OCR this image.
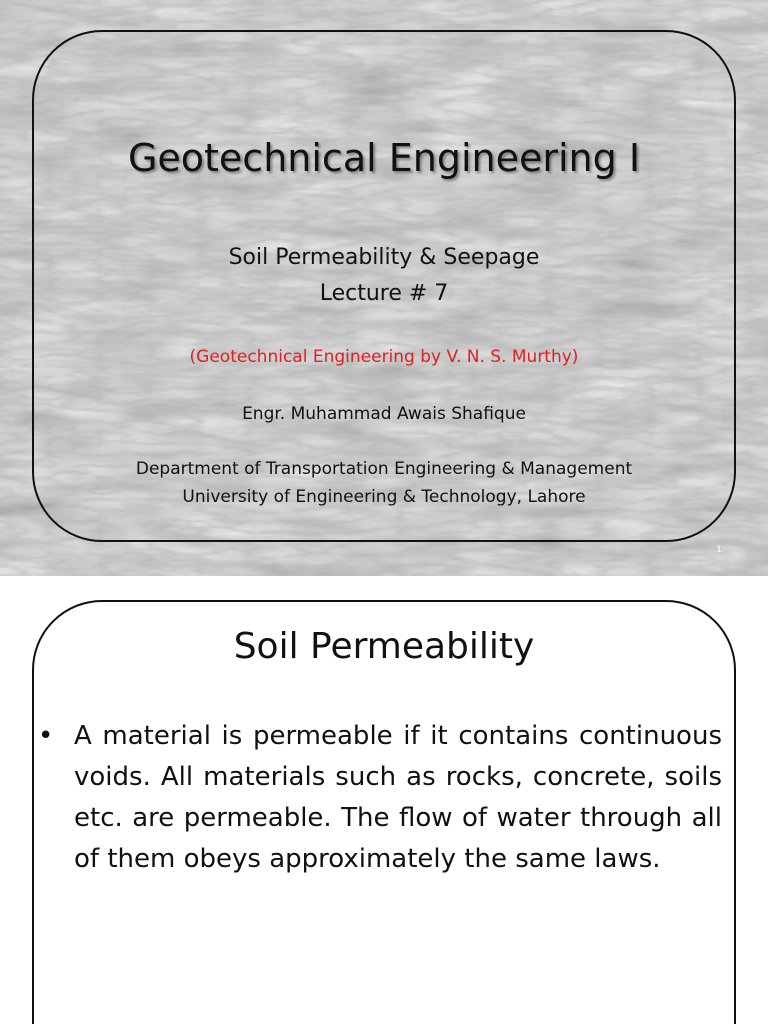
Geotechnical Engineering I
Soil Permeability & Seepage
Lecture # 7
(Geotechnical Engineering by V. N. S. Murthy)
Engr. Muhammad Awais Shafique
Department of Transportation Engineering & Management
University of Engineering & Technology, Lahore
1
Soil Permeability
• A material is permeable if it contains continuous voids. All materials such as rocks, concrete, soils etc. are permeable. The flow of water through all of them obeys approximately the same laws.
